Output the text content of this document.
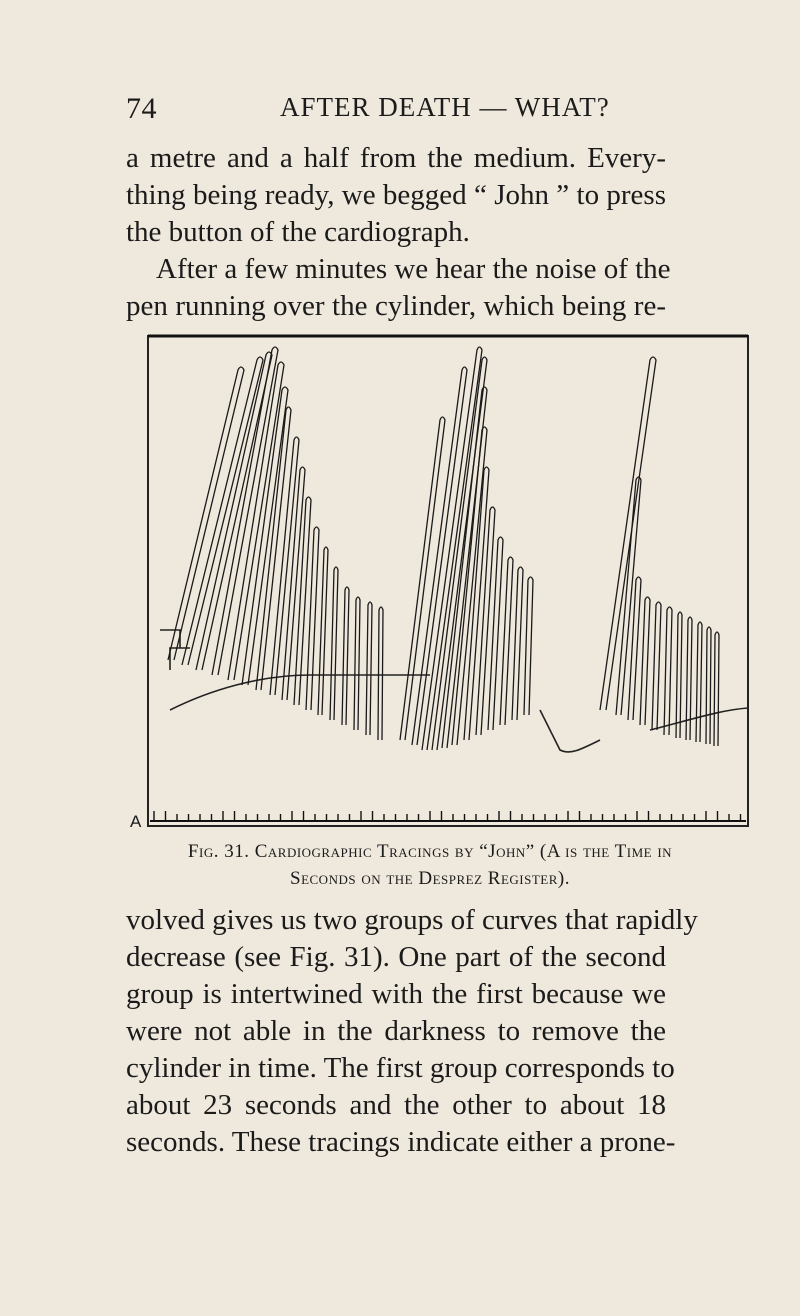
74	AFTER DEATH — WHAT?
a metre and a half from the medium. Every-
thing being ready, we begged “ John ” to press
the button of the cardiograph.
After a few minutes we hear the noise of the
pen running over the cylinder, which being re-
A
Fig. 31. Cardiographic Tracings by “John” (A is the Time in
Seconds on the Desprez Register).
volved gives us two groups of curves that rapidly
decrease (see Fig. 31). One part of the second
group is intertwined with the first because we
were not able in the darkness to remove the
cylinder in time. The first group corresponds to
about 23 seconds and the other to about 18
seconds. These tracings indicate either a prone-
